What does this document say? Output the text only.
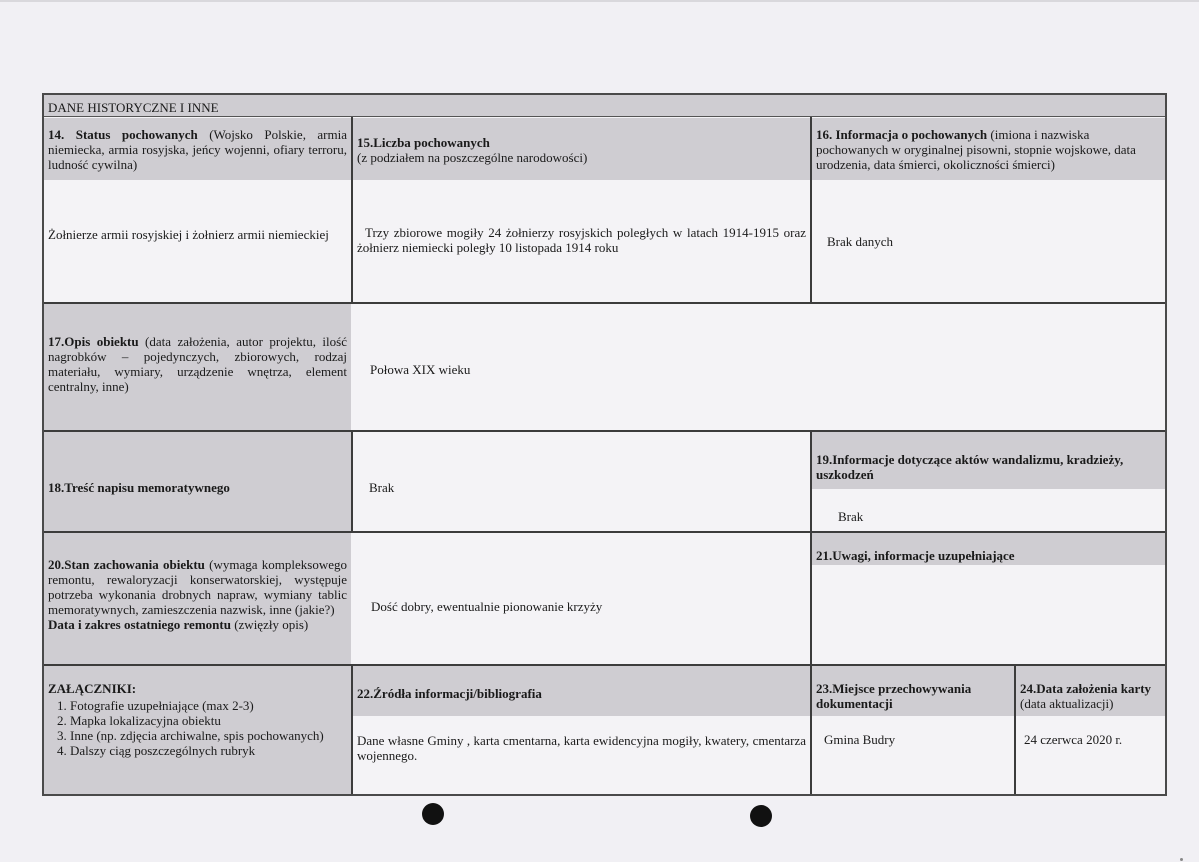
DANE HISTORYCZNE I INNE
14. Status pochowanych (Wojsko Polskie, armia niemiecka, armia rosyjska, jeńcy wojenni, ofiary terroru, ludność cywilna)
Żołnierze armii rosyjskiej i żołnierz armii niemieckiej
15.Liczba pochowanych
(z podziałem na poszczególne narodowości)
Trzy zbiorowe mogiły 24 żołnierzy rosyjskich poległych w latach 1914-1915 oraz żołnierz niemiecki poległy 10 listopada 1914 roku
16. Informacja o pochowanych (imiona i nazwiska pochowanych w oryginalnej pisowni, stopnie wojskowe, data urodzenia, data śmierci, okoliczności śmierci)
Brak danych
17.Opis obiektu (data założenia, autor projektu, ilość nagrobków – pojedynczych, zbiorowych, rodzaj materiału, wymiary, urządzenie wnętrza, element centralny, inne)
Połowa XIX wieku
18.Treść napisu memoratywnego	Brak
19.Informacje dotyczące aktów wandalizmu, kradzieży, uszkodzeń
Brak
20.Stan zachowania obiektu (wymaga kompleksowego remontu, rewaloryzacji konserwatorskiej, występuje potrzeba wykonania drobnych napraw, wymiany tablic memoratywnych, zamieszczenia nazwisk, inne (jakie?)
Data i zakres ostatniego remontu (zwięzły opis)
Dość dobry, ewentualnie pionowanie krzyży
21.Uwagi, informacje uzupełniające
ZAŁĄCZNIKI:
1. Fotografie uzupełniające (max 2-3)
2. Mapka lokalizacyjna obiektu
3. Inne (np. zdjęcia archiwalne, spis pochowanych)
4. Dalszy ciąg poszczególnych rubryk
22.Źródła informacji/bibliografia
Dane własne Gminy , karta cmentarna, karta ewidencyjna mogiły, kwatery, cmentarza wojennego.
23.Miejsce przechowywania dokumentacji
Gmina Budry
24.Data założenia karty (data aktualizacji)
24 czerwca 2020 r.
